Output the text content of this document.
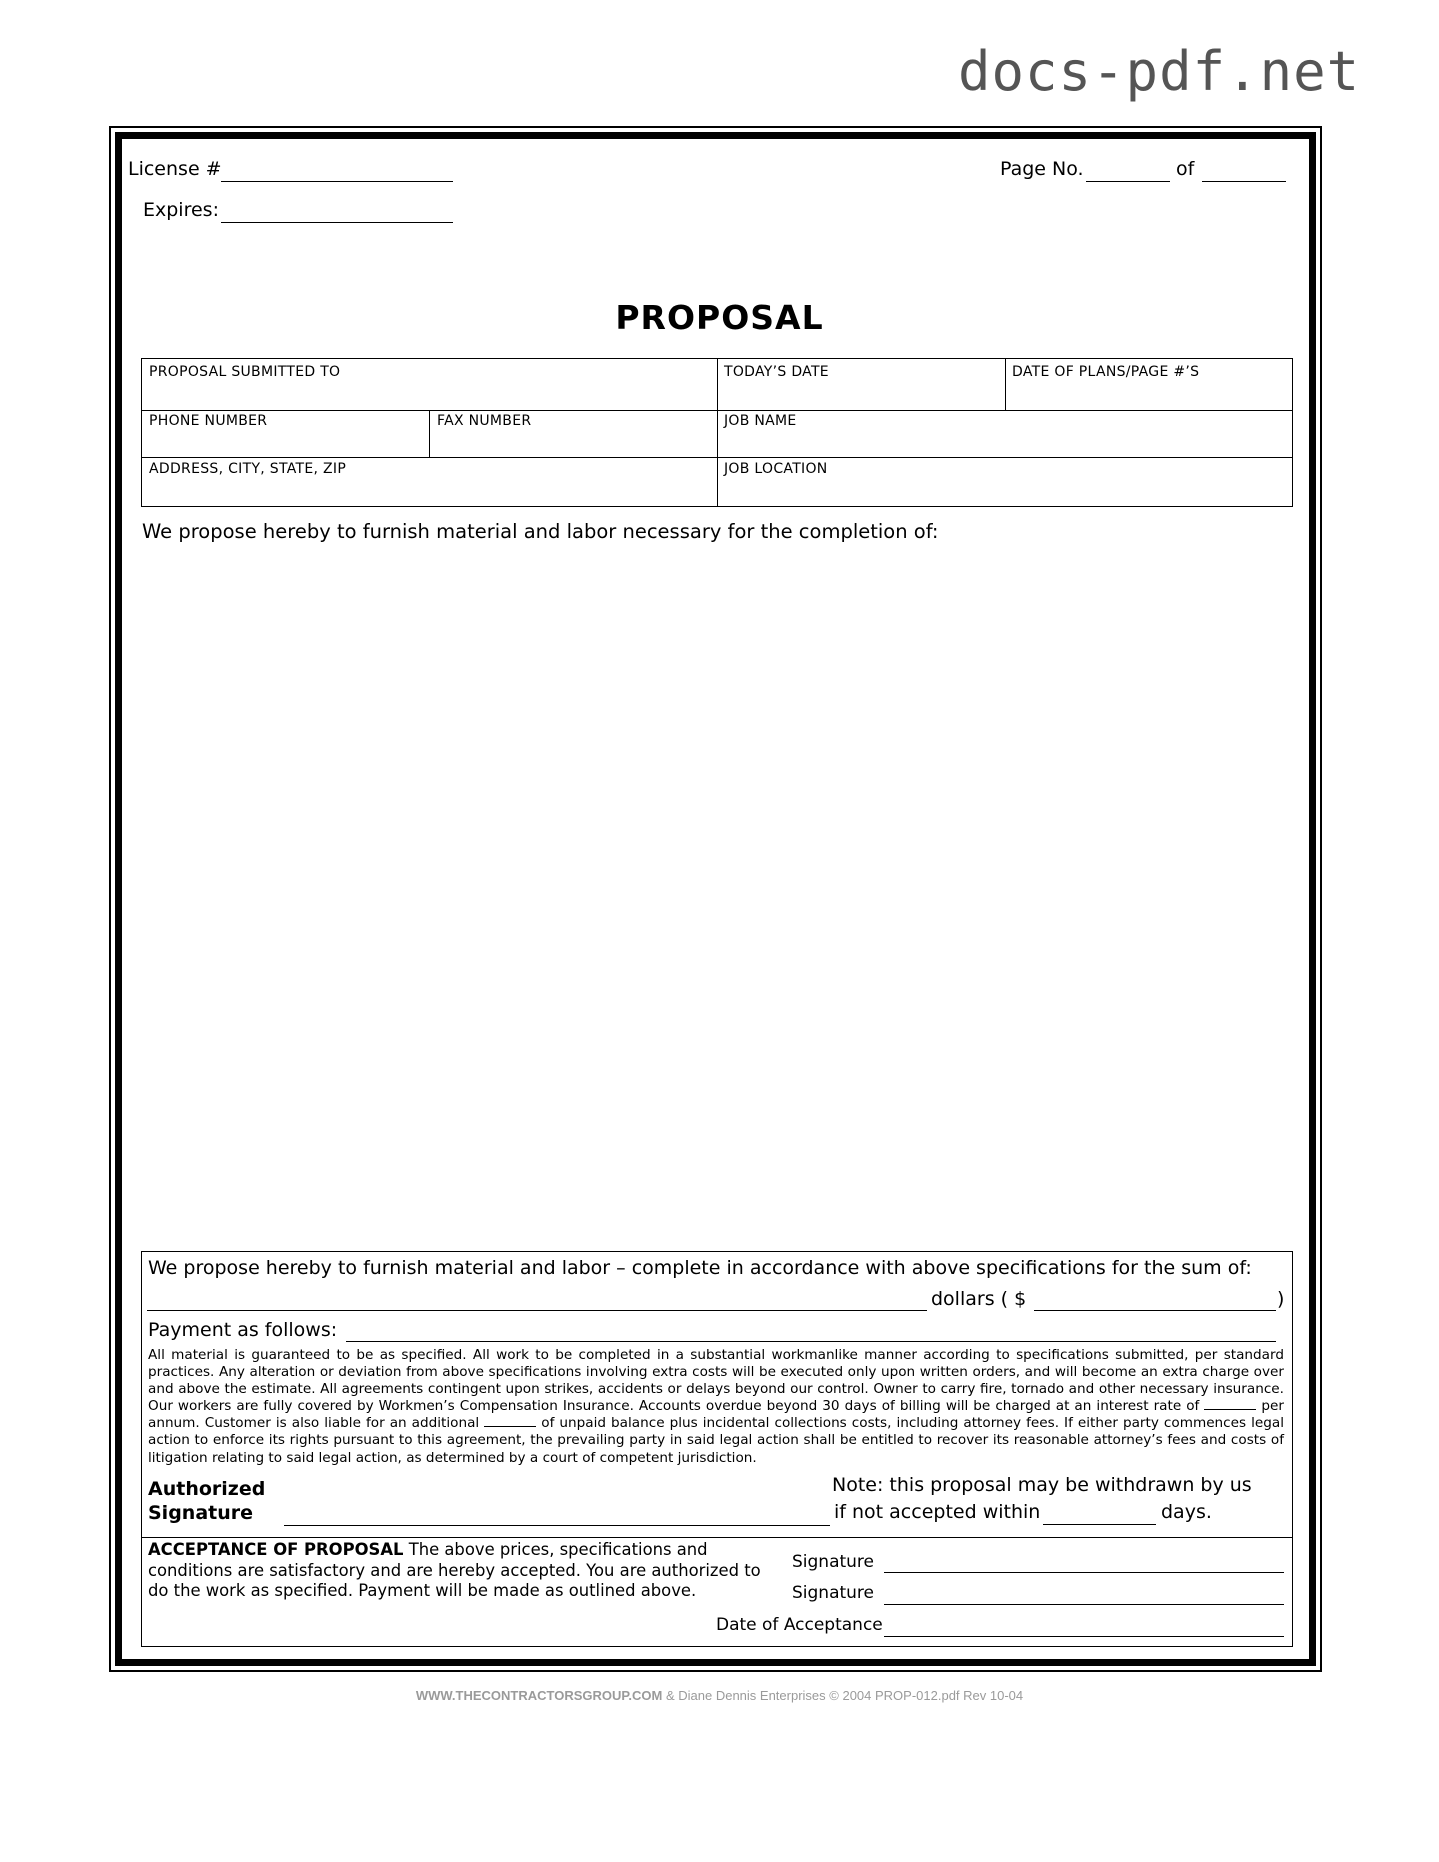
docs-pdf.net
License #
Expires:
Page No.	of
PROPOSAL
PROPOSAL SUBMITTED TO	TODAY’S DATE	DATE OF PLANS/PAGE #’S
PHONE NUMBER	FAX NUMBER	JOB NAME
ADDRESS, CITY, STATE, ZIP	JOB LOCATION
We propose hereby to furnish material and labor necessary for the completion of:
We propose hereby to furnish material and labor – complete in accordance with above specifications for the sum of:
dollars ( $	)
Payment as follows:
All material is guaranteed to be as specified. All work to be completed in a substantial workmanlike manner according to specifications submitted, per standard practices. Any alteration or deviation from above specifications involving extra costs will be executed only upon written orders, and will become an extra charge over and above the estimate. All agreements contingent upon strikes, accidents or delays beyond our control. Owner to carry fire, tornado and other necessary insurance. Our workers are fully covered by Workmen’s Compensation Insurance. Accounts overdue beyond 30 days of billing will be charged at an interest rate of	per annum. Customer is also liable for an additional	of unpaid balance plus incidental collections costs, including attorney fees. If either party commences legal action to enforce its rights pursuant to this agreement, the prevailing party in said legal action shall be entitled to recover its reasonable attorney’s fees and costs of litigation relating to said legal action, as determined by a court of competent jurisdiction.
Authorized
Signature
Note: this proposal may be withdrawn by us
if not accepted within	days.
ACCEPTANCE OF PROPOSAL The above prices, specifications and conditions are satisfactory and are hereby accepted. You are authorized to do the work as specified. Payment will be made as outlined above.
Signature
Signature
Date of Acceptance
WWW.THECONTRACTORSGROUP.COM & Diane Dennis Enterprises © 2004 PROP-012.pdf Rev 10-04
